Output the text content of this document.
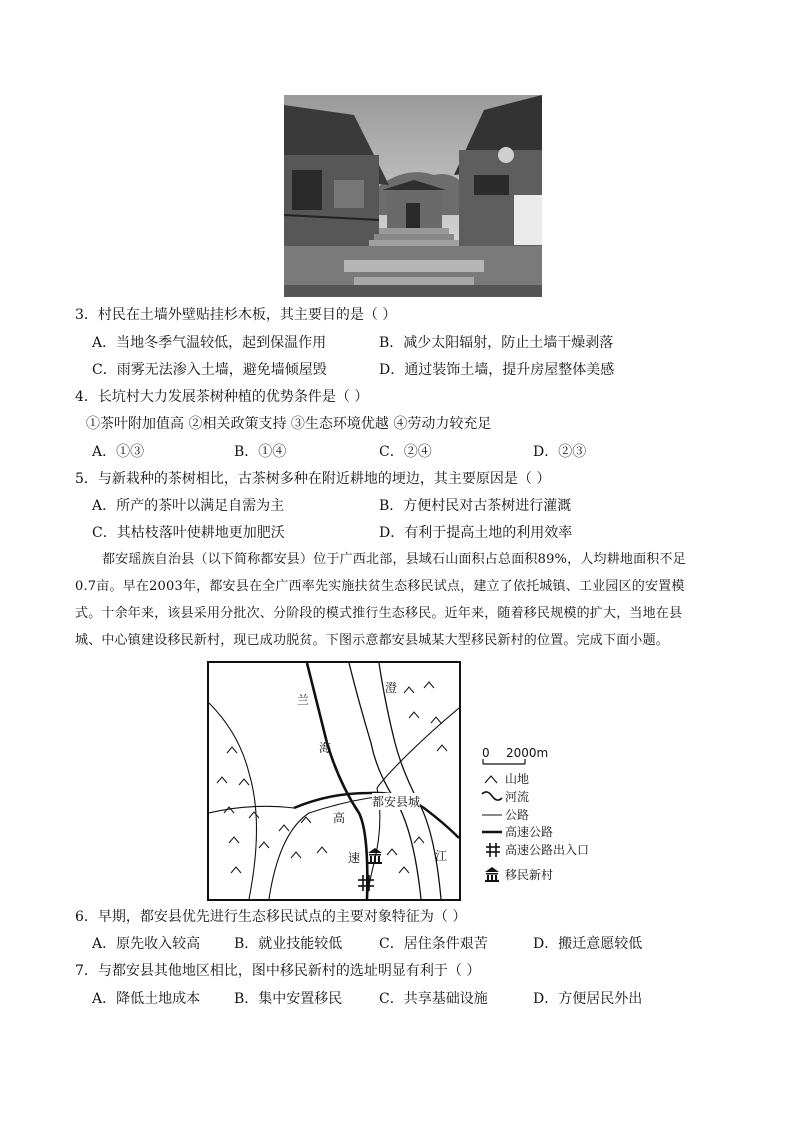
3．村民在土墙外壁贴挂杉木板，其主要目的是（ ）
A．当地冬季气温较低，起到保温作用	B．减少太阳辐射，防止土墙干燥剥落
C．雨雾无法渗入土墙，避免墙倾屋毁	D．通过装饰土墙，提升房屋整体美感
4．长坑村大力发展茶树种植的优势条件是（ ）
①茶叶附加值高 ②相关政策支持 ③生态环境优越 ④劳动力较充足
A．①③	B．①④	C．②④	D．②③
5．与新栽种的茶树相比，古茶树多种在附近耕地的埂边，其主要原因是（ ）
A．所产的茶叶以满足自需为主	B．方便村民对古茶树进行灌溉
C．其枯枝落叶使耕地更加肥沃	D．有利于提高土地的利用效率
都安瑶族自治县（以下简称都安县）位于广西北部，县域石山面积占总面积89%，人均耕地面积不足
0.7亩。早在2003年，都安县在全广西率先实施扶贫生态移民试点，建立了依托城镇、工业园区的安置模
式。十余年来，该县采用分批次、分阶段的模式推行生态移民。近年来，随着移民规模的扩大，当地在县
城、中心镇建设移民新村，现已成功脱贫。下图示意都安县城某大型移民新村的位置。完成下面小题。
兰
海
高
速
澄
江
都安县城
0 2000m
山地
河流
公路
高速公路
高速公路出入口
移民新村
6．早期，都安县优先进行生态移民试点的主要对象特征为（ ）
A．原先收入较高 B．就业技能较低	C．居住条件艰苦	D．搬迁意愿较低
7．与都安县其他地区相比，图中移民新村的选址明显有利于（ ）
A．降低土地成本 B．集中安置移民	C．共享基础设施	D．方便居民外出
